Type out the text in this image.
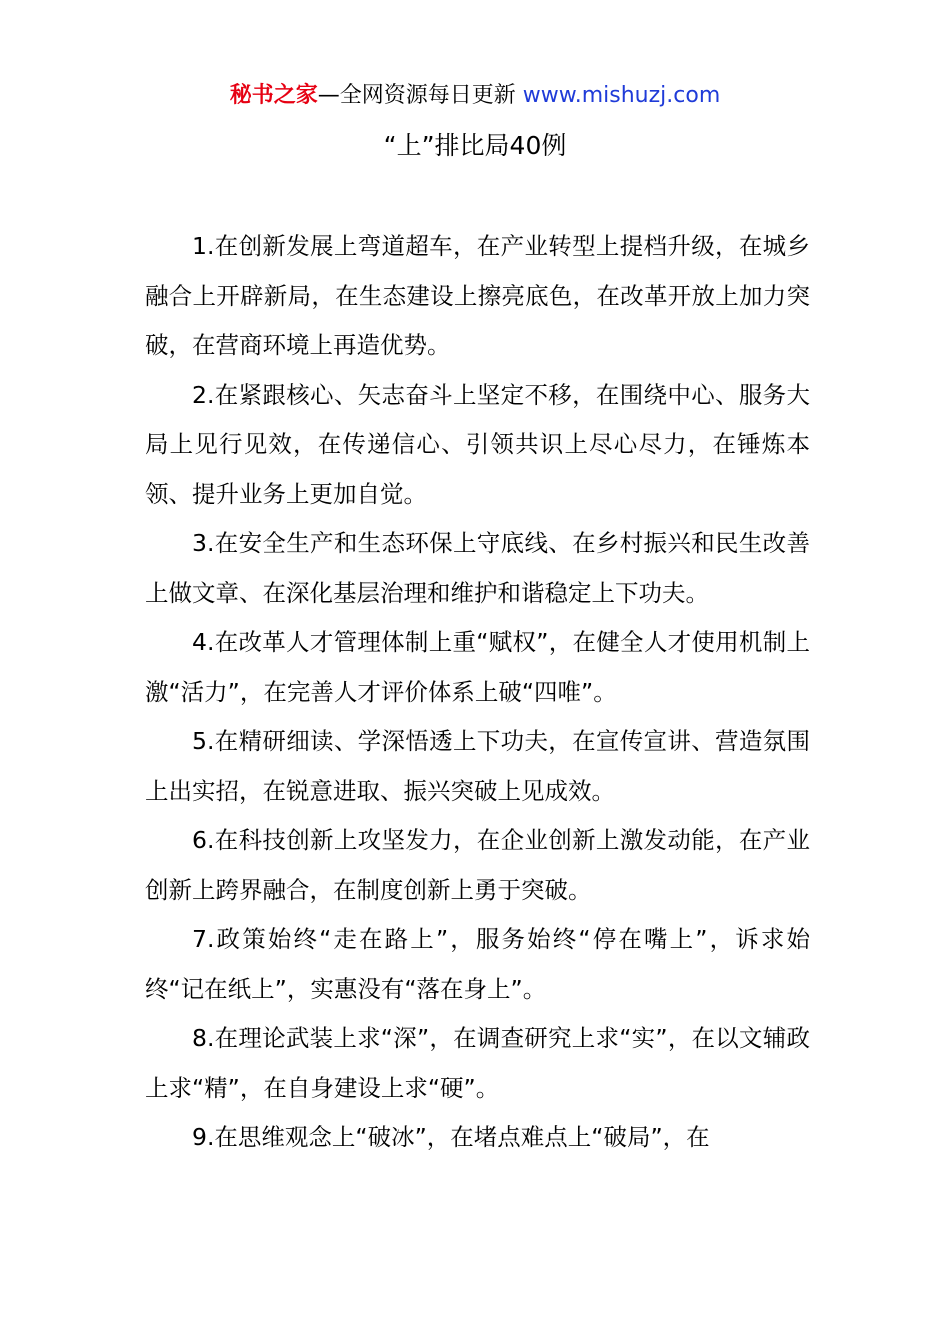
秘书之家—全网资源每日更新 www.mishuzj.com
“上”排比局40例

1.在创新发展上弯道超车，在产业转型上提档升级，在城乡融合上开辟新局，在生态建设上擦亮底色，在改革开放上加力突破，在营商环境上再造优势。

2.在紧跟核心、矢志奋斗上坚定不移，在围绕中心、服务大局上见行见效，在传递信心、引领共识上尽心尽力，在锤炼本领、提升业务上更加自觉。

3.在安全生产和生态环保上守底线、在乡村振兴和民生改善上做文章、在深化基层治理和维护和谐稳定上下功夫。

4.在改革人才管理体制上重“赋权”，在健全人才使用机制上激“活力”，在完善人才评价体系上破“四唯”。

5.在精研细读、学深悟透上下功夫，在宣传宣讲、营造氛围上出实招，在锐意进取、振兴突破上见成效。

6.在科技创新上攻坚发力，在企业创新上激发动能，在产业创新上跨界融合，在制度创新上勇于突破。

7.政策始终“走在路上”，服务始终“停在嘴上”，诉求始终“记在纸上”，实惠没有“落在身上”。

8.在理论武装上求“深”，在调查研究上求“实”，在以文辅政上求“精”，在自身建设上求“硬”。

9.在思维观念上“破冰”，在堵点难点上“破局”，在
